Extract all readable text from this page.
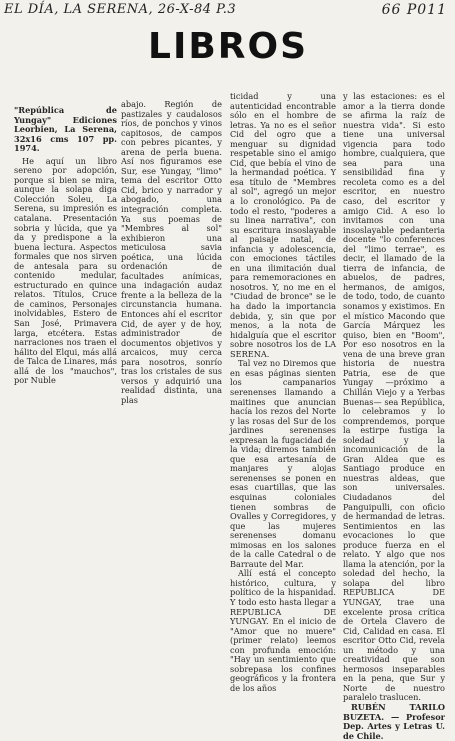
EL DÍA, LA SERENA, 26-X-84 P.3	66 P011
LIBROS

"República de Yungay" Ediciones Leorbien, La Serena, 32x16 cms 107 pp. 1974.

He aquí un libro sereno por adopción, porque si bien se mira, aunque la solapa diga Colección Soleu, La Serena, su impresión es catalana. Presentación sobria y lúcida, que ya da y predispone a la buena lectura. Aspectos formales que nos sirven de antesala para su contenido medular, estructurado en quince relatos. Títulos, Cruce de caminos, Personajes inolvidables, Estero de San José, Primavera larga, etcétera. Estas narraciones nos traen el hálito del Elqui, más allá de Talca de Linares, más allá de los "mauchos", por Nuble

abajo. Región de pastizales y caudalosos ríos, de ponchos y vinos capitosos, de campos con pebres picantes, y arena de perla buena. Así nos figuramos ese Sur, ese Yungay, "limo" tema del escritor Otto Cid, brico y narrador y abogado, una integración completa. Ya sus poemas de "Membres al sol" exhibieron una meticulosa savia poética, una lúcida ordenación de facultades anímicas, una indagación audaz frente a la belleza de la circunstancia humana. Entonces ahí el escritor Cid, de ayer y de hoy, administrador de documentos objetivos y arcaicos, muy cerca para nosotros, sonrío tras los cristales de sus versos y adquirió una realidad distinta, una plas

ticidad y una autenticidad encontrable sólo en el hombre de letras. Ya no es el señor Cid del ogro que a menguar su dignidad respetable sino el amigo Cid, que bebía el vino de la hermandad poética. Y esa título de "Membres al sol", agregó un mejor a lo cronológico. Pa de todo el resto, "poderes a su linea narrativa", con su escritura insoslayable al paisaje natal, de infancia y adolescencia, con emociones táctiles en una ilimitación dual para rememoraciones en nosotros. Y, no me en el "Ciudad de bronce" se le ha dado la importancia debida, y, sin que por menos, a la nota de hidalguía que el escritor sobre nosotros los de LA SERENA.

Tal vez no Diremos que en esas páginas sienten los campanarios serenenses llamando a maitines que anuncian hacía los rezos del Norte y las rosas del Sur de los jardines serenenses expresan la fugacidad de la vida; diremos también que esa artesanía de manjares y alojas serenenses se ponen en esas cuartillas, que las esquinas coloniales tienen sombras de Ovalles y Corregidores, y que las mujeres serenenses domanu mimosas en los salones de la calle Catedral o de Barraute del Mar.

Allí está el concepto histórico, cultura, y político de la hispanidad. Y todo esto hasta llegar a REPUBLICA DE YUNGAY. En el inicio de "Amor que no muere" (primer relato) leemos con profunda emoción: "Hay un sentimiento que sobrepasa los confines geográficos y la frontera de los años

y las estaciones: es el amor a la tierra donde se afirma la raíz de nuestra vida". Si esto tiene una universal vigencia para todo hombre, cualquiera, que sea para una sensibilidad fina y recoleta como es a del escritor, en nuestro caso, del escritor y amigo Cid. A eso lo invitamos con una insoslayable pedanteria docente "lo conferences del "limo terrae", es decir, el llamado de la tierra de infancia, de abuelos, de padres, hermanos, de amigos, de todo, todo, de cuanto sonamos y existimos. En el místico Macondo que García Márquez les quiso, bien en "Boom", Por eso nosotros en la vena de una breve gran historia de nuestra Patria, ese de que Yungay —próximo a Chillán Viejo y a Yerbas Buenas— sea República, lo celebramos y lo comprendemos, porque la estirpe fustiga la soledad y la incomunicación de la Gran Aldea que es Santiago produce en nuestras aldeas, que son universales. Ciudadanos del Panguipulli, con oficio de hermandad de letras. Sentimientos en las evocaciones lo que produce fuerza en el relato. Y algo que nos llama la atención, por la soledad del hecho, la solapa del libro REPUBLICA DE YUNGAY, trae una excelente prosa crítica de Ortela Clavero de Cid, Calidad en casa. El escritor Otto Cid, revela un método y una creatividad que son hermosos inseparables en la pena, que Sur y Norte de nuestro paralelo traslucen.

RUBÉN TARILO BUZETA. — Profesor Dep. Artes y Letras U. de Chile.
